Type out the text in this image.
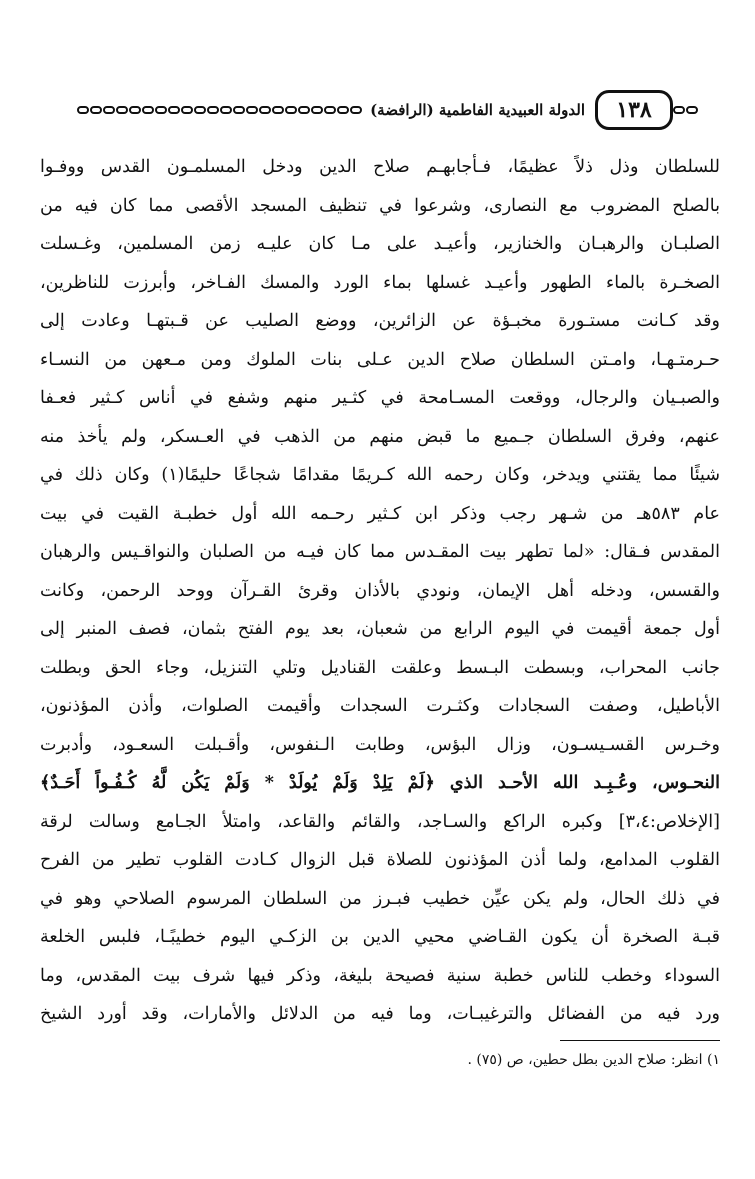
١٣٨
الدولة العبيدية الفاطمية (الرافضة)
للسلطان وذل ذلاً عظيمًا، فـأجابهـم صلاح الدين ودخل المسلمـون القدس ووفـوا
بالصلح المضروب مع النصارى، وشرعوا في تنظيف المسجد الأقصى مما كان فيه من
الصلبـان والرهبـان والخنازير، وأعيـد على مـا كان عليـه زمن المسلمين، وغـسلت
الصخـرة بالماء الطهور وأعيـد غسلها بماء الورد والمسك الفـاخر، وأبرزت للناظرين،
وقد كـانت مستـورة مخبـؤة عن الزائرين، ووضع الصليب عن قـبتهـا وعادت إلى
حـرمتـهـا، وامـتن السلطان صلاح الدين عـلى بنات الملوك ومن مـعهن من النسـاء
والصبـيان والرجال، ووقعت المسـامحة في كثـير منهم وشفع في أناس كـثير فعـفا
عنهم، وفرق السلطان جـميع ما قبض منهم من الذهب في العـسكر، ولم يأخذ منه
شيئًا مما يقتني ويدخر، وكان رحمه الله كـريمًا مقدامًا شجاعًا حليمًا(١) وكان ذلك في
عام ٥٨٣هـ من شـهر رجب وذكر ابن كـثير رحـمه الله أول خطبـة القيت في بيت
المقدس فـقال: «لما تطهر بيت المقـدس مما كان فيـه من الصلبان والنواقـيس والرهبان
والقسس، ودخله أهل الإيمان، ونودي بالأذان وقرئ القـرآن ووحد الرحمن، وكانت
أول جمعة أقيمت في اليوم الرابع من شعبان، بعد يوم الفتح بثمان، فصف المنبر إلى
جانب المحراب، وبسطت البـسط وعلقت القناديل وتلي التنزيل، وجاء الحق وبطلت
الأباطيل، وصفت السجادات وكثـرت السجدات وأقيمت الصلوات، وأذن المؤذنون،
وخـرس القسـيسـون، وزال البؤس، وطابت الـنفوس، وأقـبلت السعـود، وأدبرت
النحـوس، وعُـبِـد الله الأحـد الذي ﴿لَمْ يَلِدْ وَلَمْ يُولَدْ * وَلَمْ يَكُن لَّهُ كُـفُـواً أَحَـدٌ﴾
[الإخلاص:٣،٤] وكبره الراكع والسـاجد، والقائم والقاعد، وامتلأ الجـامع وسالت لرقة
القلوب المدامع، ولما أذن المؤذنون للصلاة قبل الزوال كـادت القلوب تطير من الفرح
في ذلك الحال، ولم يكن عيِّن خطيب فبـرز من السلطان المرسوم الصلاحي وهو في
قبـة الصخرة أن يكون القـاضي محيي الدين بن الزكـي اليوم خطيبًـا، فلبس الخلعة
السوداء وخطب للناس خطبة سنية فصيحة بليغة، وذكر فيها شرف بيت المقدس، وما
ورد فيه من الفضائل والترغيبـات، وما فيه من الدلائل والأمارات، وقد أورد الشيخ
١) انظر: صلاح الدين بطل حطين، ص (٧٥) .
